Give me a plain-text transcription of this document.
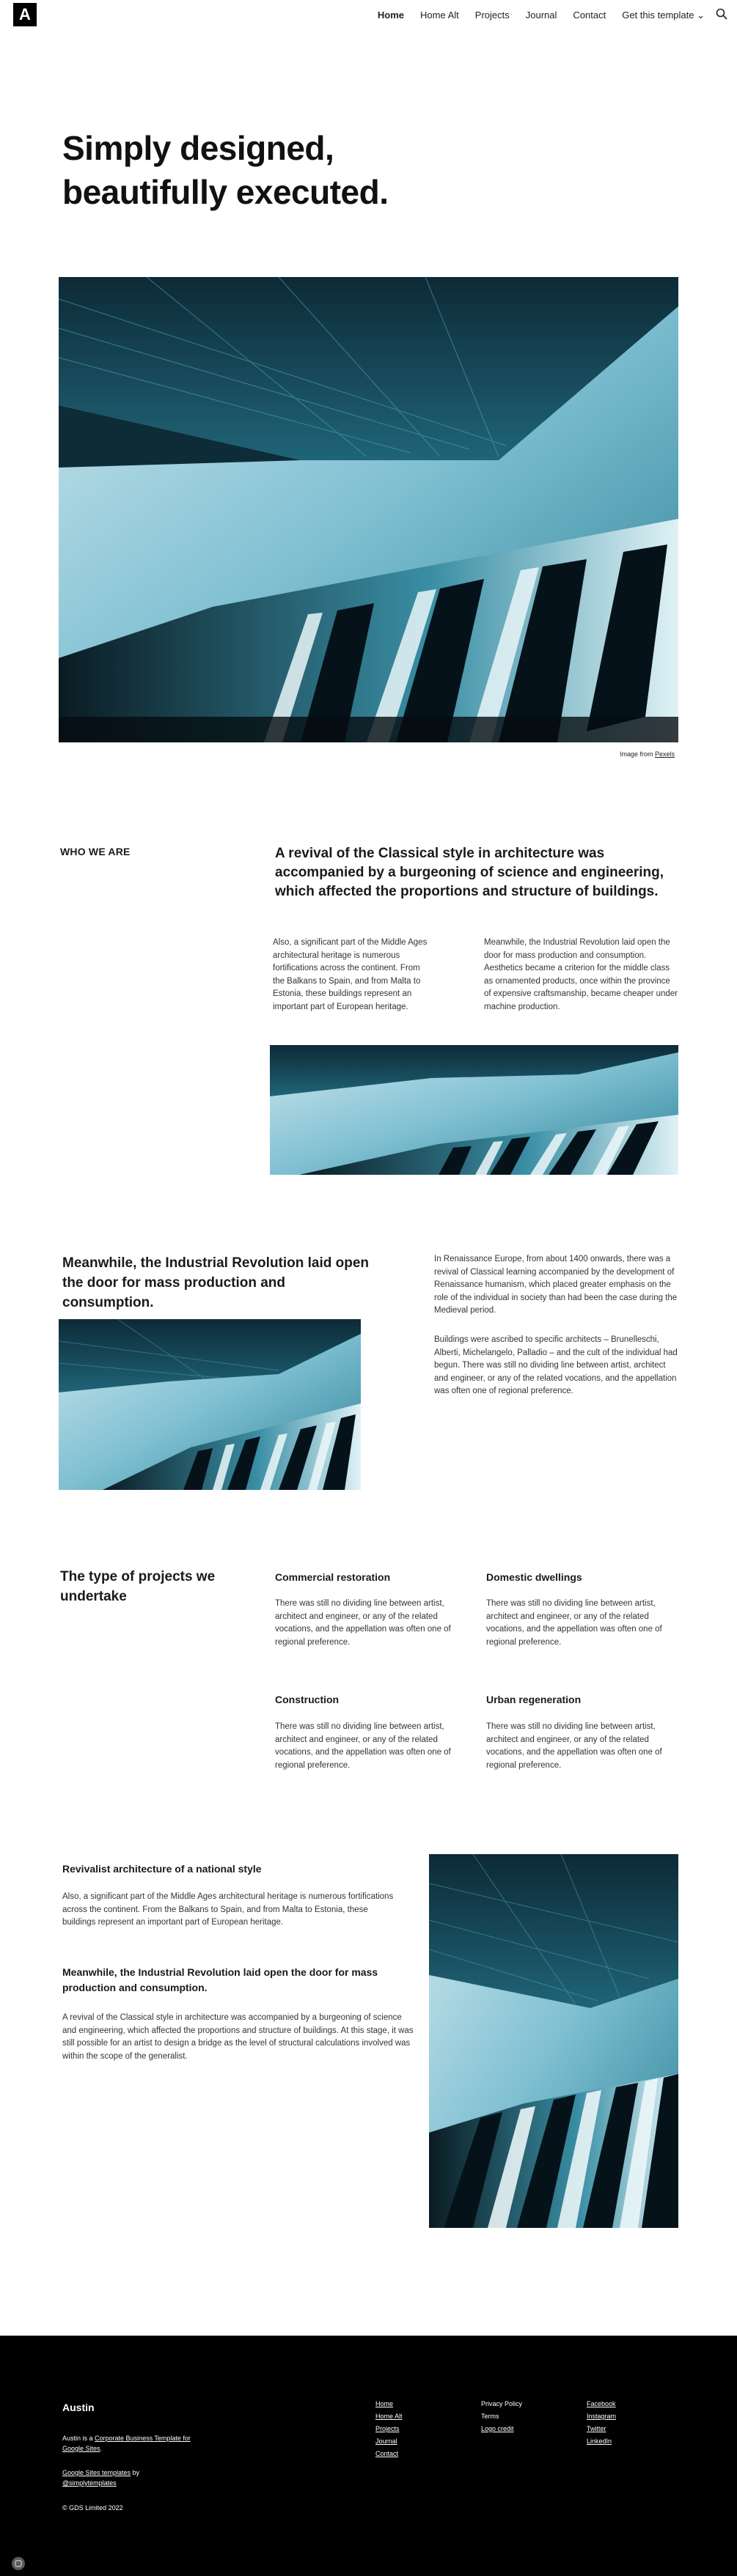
A	Home Home Alt Projects Journal Contact Get this template ⌄
Simply designed,
beautifully executed.
Image from Pexels
WHO WE ARE	A revival of the Classical style in architecture was accompanied by a burgeoning of science and engineering, which affected the proportions and structure of buildings.

Also, a significant part of the Middle Ages architectural heritage is numerous fortifications across the continent. From the Balkans to Spain, and from Malta to Estonia, these buildings represent an important part of European heritage.

Meanwhile, the Industrial Revolution laid open the door for mass production and consumption. Aesthetics became a criterion for the middle class as ornamented products, once within the province of expensive craftsmanship, became cheaper under machine production.

Meanwhile, the Industrial Revolution laid open the door for mass production and consumption.

In Renaissance Europe, from about 1400 onwards, there was a revival of Classical learning accompanied by the development of Renaissance humanism, which placed greater emphasis on the role of the individual in society than had been the case during the Medieval period.

Buildings were ascribed to specific architects – Brunelleschi, Alberti, Michelangelo, Palladio – and the cult of the individual had begun. There was still no dividing line between artist, architect and engineer, or any of the related vocations, and the appellation was often one of regional preference.

The type of projects we undertake
Commercial restoration

There was still no dividing line between artist, architect and engineer, or any of the related vocations, and the appellation was often one of regional preference.

Domestic dwellings

There was still no dividing line between artist, architect and engineer, or any of the related vocations, and the appellation was often one of regional preference.

Construction

There was still no dividing line between artist, architect and engineer, or any of the related vocations, and the appellation was often one of regional preference.

Urban regeneration

There was still no dividing line between artist, architect and engineer, or any of the related vocations, and the appellation was often one of regional preference.

Revivalist architecture of a national style

Also, a significant part of the Middle Ages architectural heritage is numerous fortifications across the continent. From the Balkans to Spain, and from Malta to Estonia, these buildings represent an important part of European heritage.

Meanwhile, the Industrial Revolution laid open the door for mass production and consumption.

A revival of the Classical style in architecture was accompanied by a burgeoning of science and engineering, which affected the proportions and structure of buildings. At this stage, it was still possible for an artist to design a bridge as the level of structural calculations involved was within the scope of the generalist.

Austin
Austin is a Corporate Business Template for Google Sites.
Google Sites templates by
@simplytemplates
© GDS Limited 2022
Home
Home Alt
Projects
Journal
Contact
Privacy Policy
Terms
Logo credit
Facebook
Instagram
Twitter
LinkedIn
